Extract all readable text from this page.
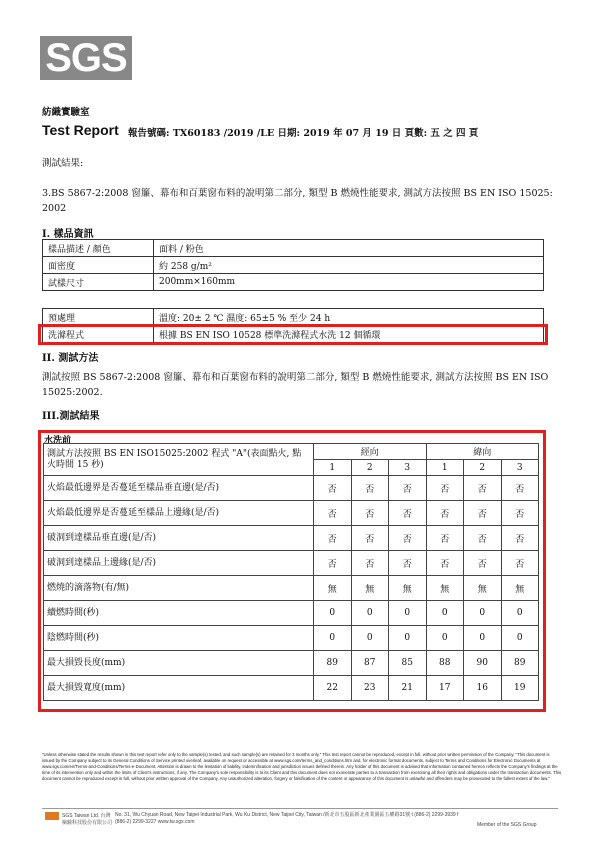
SGS
紡織實驗室
Test Report 報告號碼: TX60183 /2019 /LE 日期: 2019 年 07 月 19 日 頁數: 五 之 四 頁
測試結果:
3.BS 5867-2:2008 窗簾、幕布和百葉窗布料的說明第二部分, 類型 B 燃燒性能要求, 測試方法按照 BS EN ISO 15025: 2002
I. 樣品資訊
樣品描述 / 顏色	面料 / 粉色
面密度	約 258 g/m²
試樣尺寸	200mm×160mm
預處理	溫度: 20± 2 ℃ 濕度: 65±5 % 至少 24 h
洗滌程式	根據 BS EN ISO 10528 標準洗滌程式水洗 12 個循環
II. 測試方法
測試按照 BS 5867-2:2008 窗簾、幕布和百葉窗布料的說明第二部分, 類型 B 燃燒性能要求, 測試方法按照 BS EN ISO 15025:2002.
III.測試結果
水洗前
測試方法按照 BS EN ISO15025:2002 程式 "A"(表面點火, 點火時間 15 秒)	經向			緯向		
	1	2	3	1	2	3
火焰最低邊界是否蔓延至樣品垂直邊(是/否)	否	否	否	否	否	否
火焰最低邊界是否蔓延至樣品上邊緣(是/否)	否	否	否	否	否	否
破洞到達樣品垂直邊(是/否)	否	否	否	否	否	否
破洞到達樣品上邊緣(是/否)	否	否	否	否	否	否
燃燒的滴落物(有/無)	無	無	無	無	無	無
續燃時間(秒)	0	0	0	0	0	0
陰燃時間(秒)	0	0	0	0	0	0
最大損毀長度(mm)	89	87	85	88	90	89
最大損毀寬度(mm)	22	23	21	17	16	19
"Unless otherwise stated the results shown in this test report refer only to the sample(s) tested, and such sample(s) are retained for 3 months only." This test report cannot be reproduced, except in full, without prior written permission of the Company. "This document is issued by the Company subject to its General Conditions of Service printed overleaf, available on request or accessible at www.sgs.com/terms_and_conditions.htm and, for electronic format documents, subject to Terms and Conditions for Electronic Documents at www.sgs.com/en/Terms-and-Conditions/Terms-e-Document. Attention is drawn to the limitation of liability, indemnification and jurisdiction issues defined therein. Any holder of this document is advised that information contained hereon reflects the Company's findings at the time of its intervention only and within the limits of Client's instructions, if any. The Company's sole responsibility is to its Client and this document does not exonerate parties to a transaction from exercising all their rights and obligations under the transaction documents. This document cannot be reproduced except in full, without prior written approval of the Company. Any unauthorized alteration, forgery or falsification of the content or appearance of this document is unlawful and offenders may be prosecuted to the fullest extent of the law."
SGS Taiwan Ltd. 台灣檢驗科技股份有限公司
No. 31, Wu Chyuan Road, New Taipei Industrial Park, Wu Ku District, New Taipei City, Taiwan /新北市五股區新北產業園區五權路31號 t (886-2) 2299-3939 f (886-2) 2299-3227 www.tw.sgs.com
Member of the SGS Group
